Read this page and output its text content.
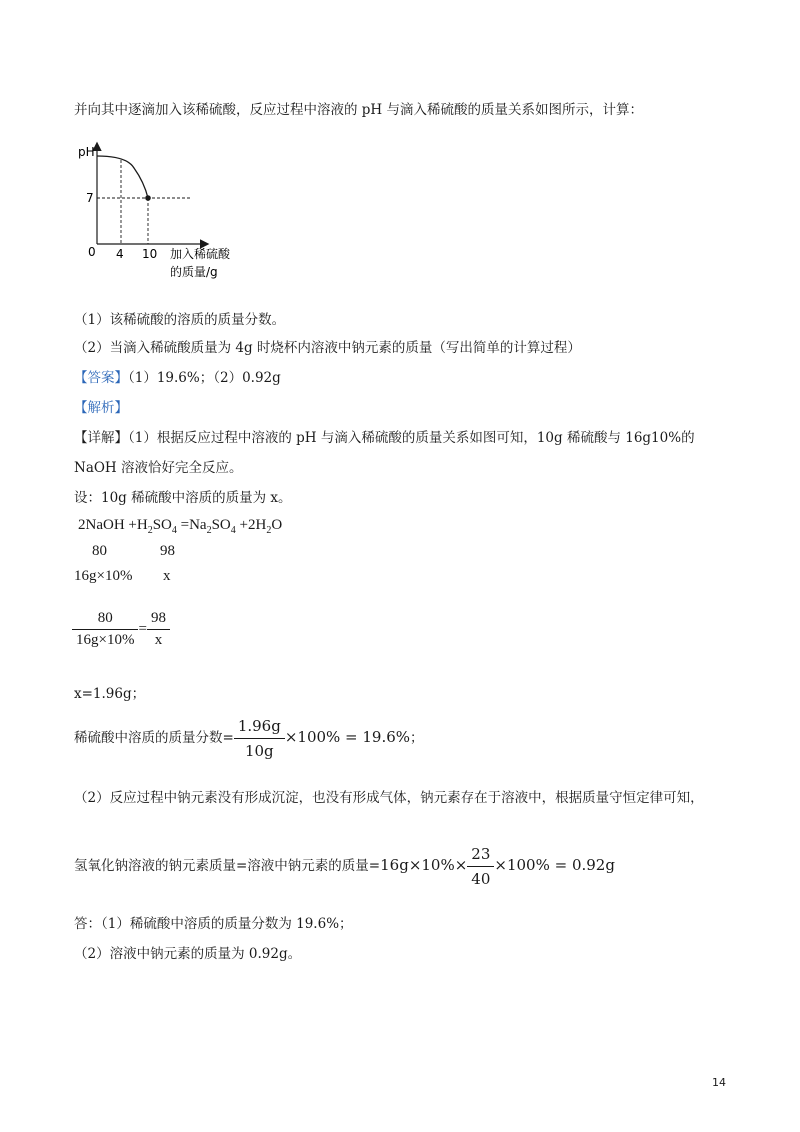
并向其中逐滴加入该稀硫酸，反应过程中溶液的 pH 与滴入稀硫酸的质量关系如图所示，计算：
pH
0 4 10
7
加入稀硫酸
的质量/g
（1）该稀硫酸的溶质的质量分数。
（2）当滴入稀硫酸质量为 4g 时烧杯内溶液中钠元素的质量（写出简单的计算过程）
【答案】（1）19.6%；（2）0.92g
【解析】
【详解】（1）根据反应过程中溶液的 pH 与滴入稀硫酸的质量关系如图可知，10g 稀硫酸与 16g10%的
NaOH 溶液恰好完全反应。
设：10g 稀硫酸中溶质的质量为 x。
2NaOH $+H_2SO_4 =Na_2SO_4 +2H_2O$
80	98
16g×10% x
$\frac{80}{16g\times 10\%} = \frac{98}{x}$
x=1.96g；
稀硫酸中溶质的质量分数= $\frac{1.96g}{10g} \times 100\% = 19.6\%$；
（2）反应过程中钠元素没有形成沉淀，也没有形成气体，钠元素存在于溶液中，根据质量守恒定律可知，
氢氧化钠溶液的钠元素质量=溶液中钠元素的质量$=16g\times 10\%\times \frac{23}{40} \times 100\% = 0.92g$
答：（1）稀硫酸中溶质的质量分数为 19.6%；
（2）溶液中钠元素的质量为 0.92g。
14
